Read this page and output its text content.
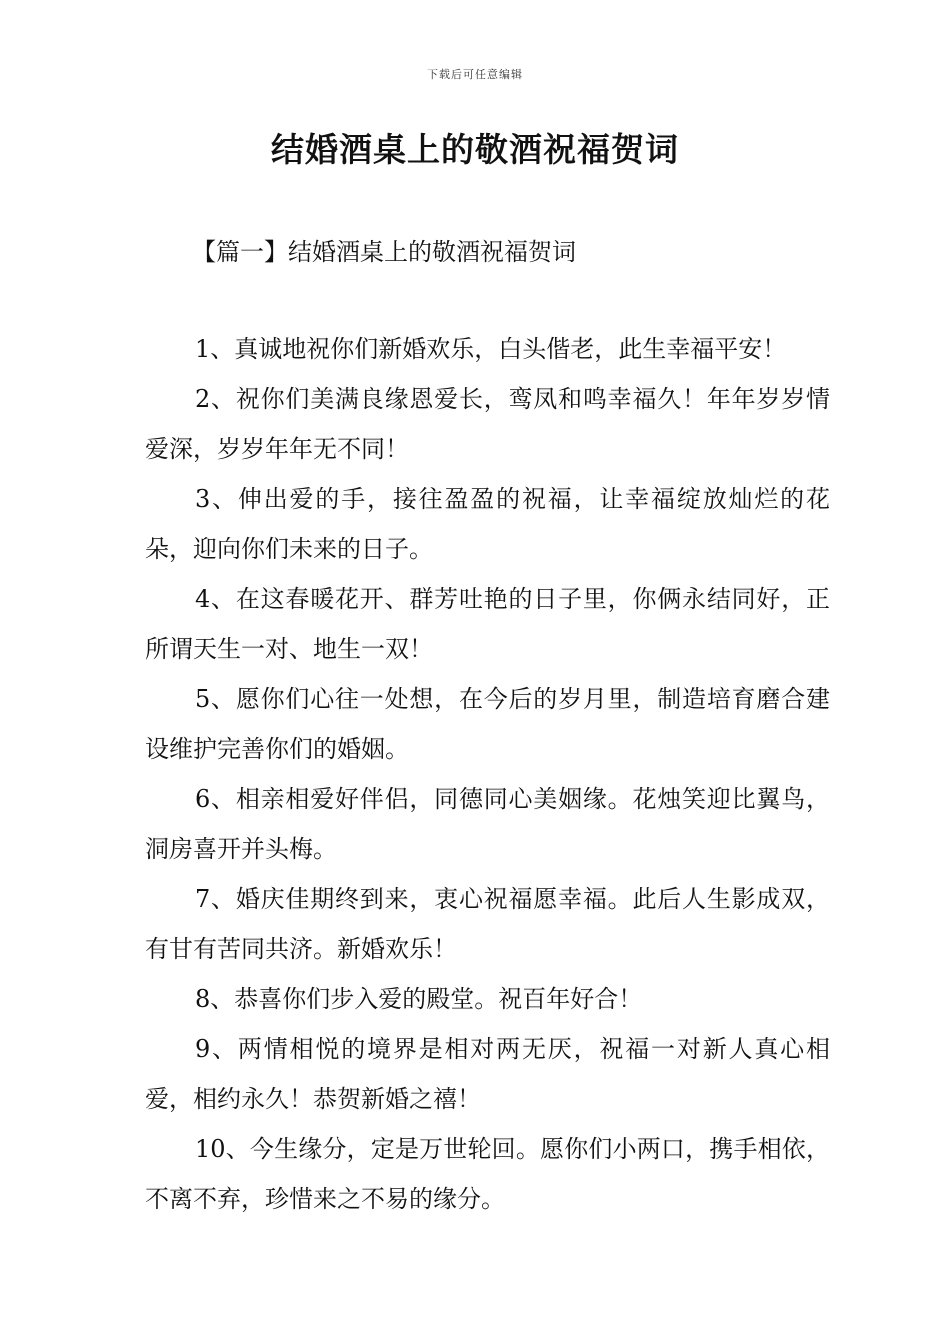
下载后可任意编辑
结婚酒桌上的敬酒祝福贺词
【篇一】结婚酒桌上的敬酒祝福贺词

1、真诚地祝你们新婚欢乐，白头偕老，此生幸福平安！

2、祝你们美满良缘恩爱长，鸾凤和鸣幸福久！年年岁岁情爱深，岁岁年年无不同！

3、伸出爱的手，接往盈盈的祝福，让幸福绽放灿烂的花朵，迎向你们未来的日子。

4、在这春暖花开、群芳吐艳的日子里，你俩永结同好，正所谓天生一对、地生一双！

5、愿你们心往一处想，在今后的岁月里，制造培育磨合建设维护完善你们的婚姻。

6、相亲相爱好伴侣，同德同心美姻缘。花烛笑迎比翼鸟，洞房喜开并头梅。

7、婚庆佳期终到来，衷心祝福愿幸福。此后人生影成双，有甘有苦同共济。新婚欢乐！

8、恭喜你们步入爱的殿堂。祝百年好合！

9、两情相悦的境界是相对两无厌，祝福一对新人真心相爱，相约永久！恭贺新婚之禧！

10、今生缘分，定是万世轮回。愿你们小两口，携手相依，不离不弃，珍惜来之不易的缘分。
